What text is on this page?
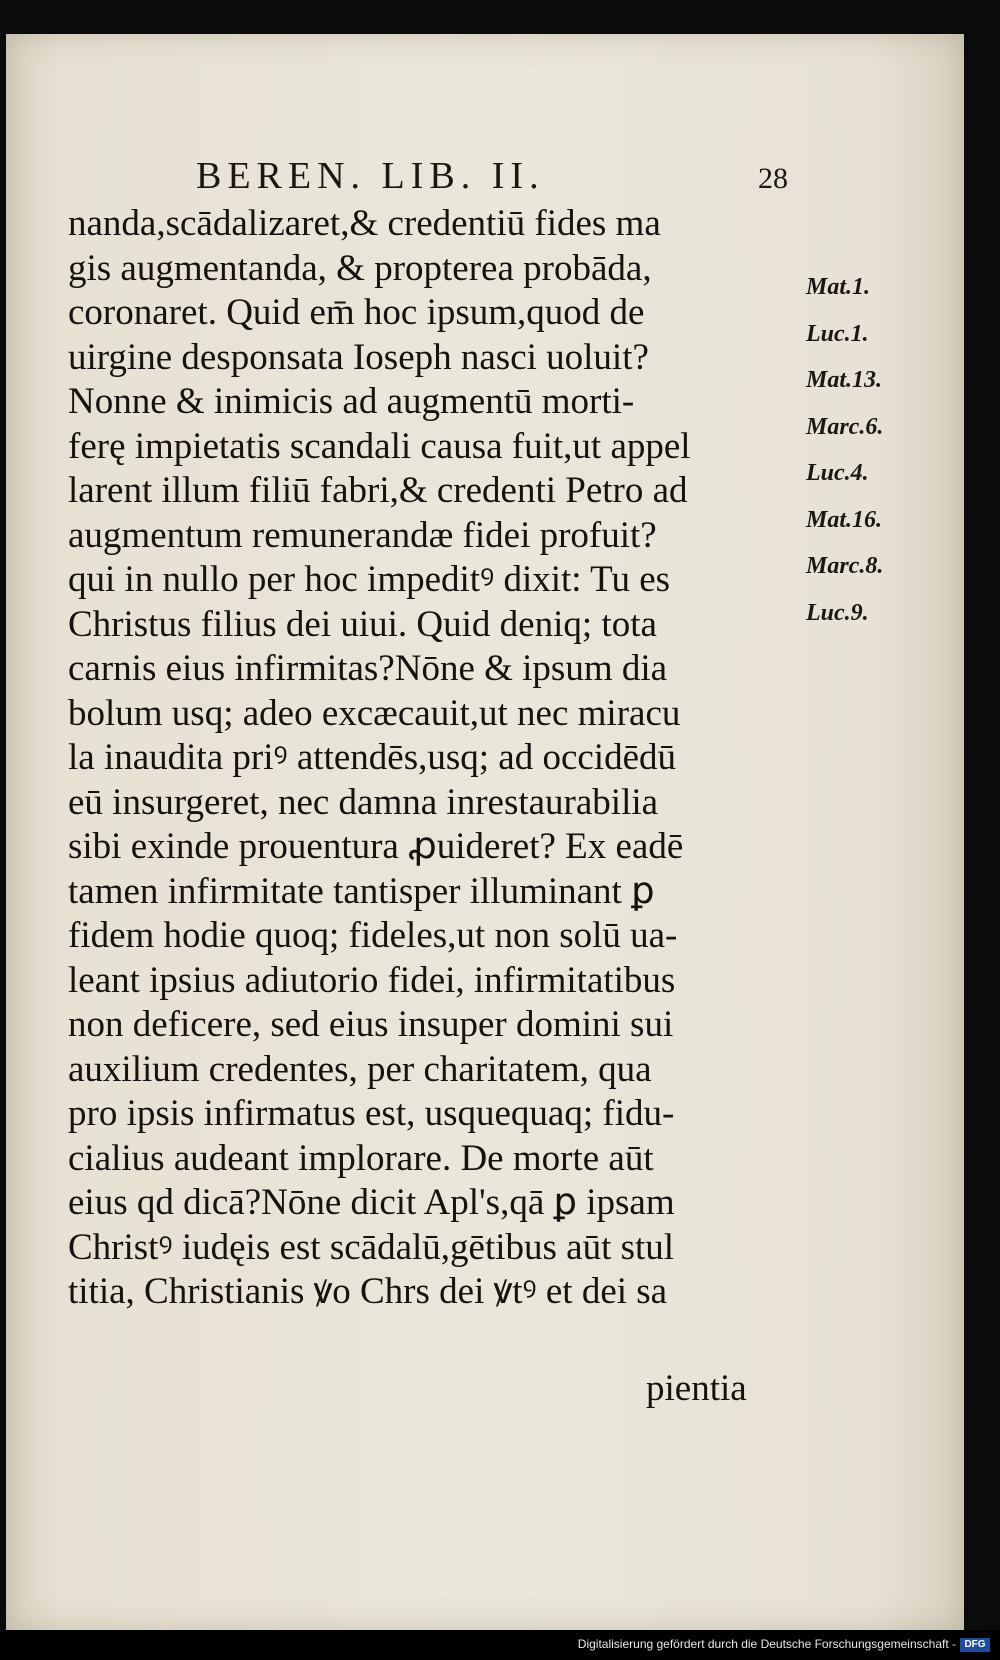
BEREN. LIB. II.	28
nanda,scādalizaret,& credentiū fides ma
gis augmentanda, & propterea probāda,
coronaret. Quid em̄ hoc ipsum,quod de
uirgine desponsata Ioseph nasci uoluit?
Nonne & inimicis ad augmentū morti-
ferę impietatis scandali causa fuit,ut appel
larent illum filiū fabri,& credenti Petro ad
augmentum remunerandæ fidei profuit?
qui in nullo per hoc impeditꝰ dixit: Tu es
Christus filius dei uiui. Quid deniq; tota
carnis eius infirmitas?Nōne & ipsum dia
bolum usq; adeo excæcauit,ut nec miracu
la inaudita priꝰ attendēs,usq; ad occidēdū
eū insurgeret, nec damna inrestaurabilia
sibi exinde prouentura ꝓuideret? Ex eadē
tamen infirmitate tantisper illuminant ꝑ
fidem hodie quoq; fideles,ut non solū ua-
leant ipsius adiutorio fidei, infirmitatibus
non deficere, sed eius insuper domini sui
auxilium credentes, per charitatem, qua
pro ipsis infirmatus est, usquequaq; fidu-
cialius audeant implorare. De morte aūt
eius qd dicā?Nōne dicit Apl's,qā ꝑ ipsam
Christꝰ iudęis est scādalū,gētibus aūt stul
titia, Christianis ꝟo Chrs dei ꝟtꝰ et dei sa
pientia
Mat.1.
Luc.1.
Mat.13.
Marc.6.
Luc.4.
Mat.16.
Marc.8.
Luc.9.
Digitalisierung gefördert durch die Deutsche Forschungsgemeinschaft - DFG
